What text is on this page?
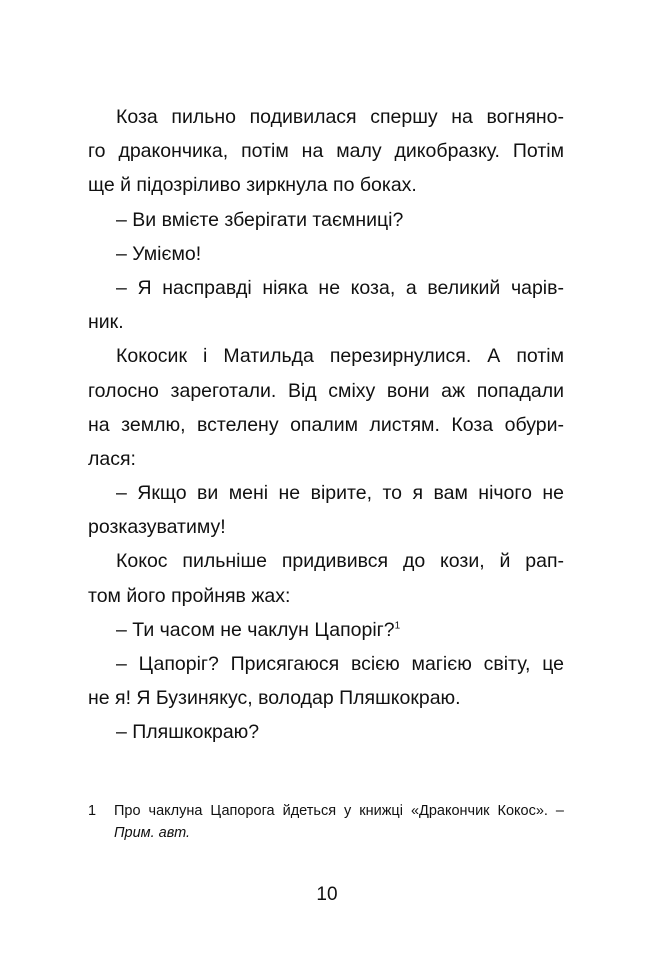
Коза пильно подивилася спершу на вогняно-
го дракончика, потім на малу дикобразку. Потім
ще й підозріливо зиркнула по боках.
– Ви вмієте зберігати таємниці?
– Уміємо!
– Я насправді ніяка не коза, а великий чарів-
ник.
Кокосик і Матильда перезирнулися. А потім
голосно зареготали. Від сміху вони аж попадали
на землю, встелену опалим листям. Коза обури-
лася:
– Якщо ви мені не вірите, то я вам нічого не
розказуватиму!
Кокос пильніше придивився до кози, й рап-
том його пройняв жах:
– Ти часом не чаклун Цапоріг?$^1$
– Цапоріг? Присягаюся всією магією світу, це
не я! Я Бузинякус, володар Пляшкокраю.
– Пляшкокраю?
1 Про чаклуна Цапорога йдеться у книжці «Дракончик Кокос». –
Прим. авт.
10
